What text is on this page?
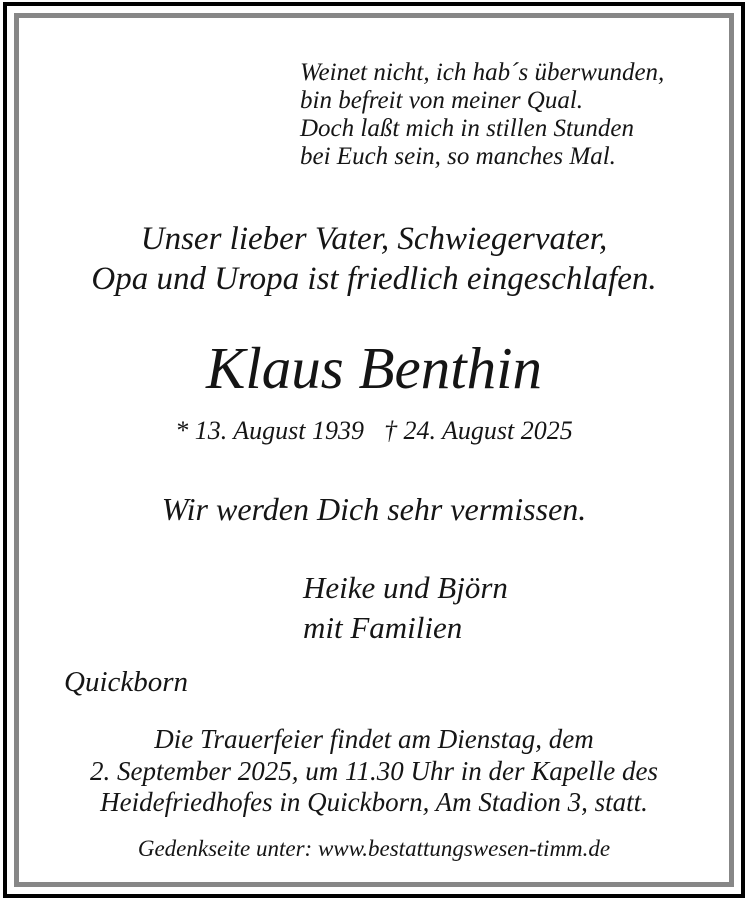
Weinet nicht, ich hab´s überwunden,
bin befreit von meiner Qual.
Doch laßt mich in stillen Stunden
bei Euch sein, so manches Mal.
Unser lieber Vater, Schwiegervater,
Opa und Uropa ist friedlich eingeschlafen.
Klaus Benthin
* 13. August 1939 † 24. August 2025
Wir werden Dich sehr vermissen.
Heike und Björn
mit Familien
Quickborn
Die Trauerfeier findet am Dienstag, dem
2. September 2025, um 11.30 Uhr in der Kapelle des
Heidefriedhofes in Quickborn, Am Stadion 3, statt.
Gedenkseite unter: www.bestattungswesen-timm.de
